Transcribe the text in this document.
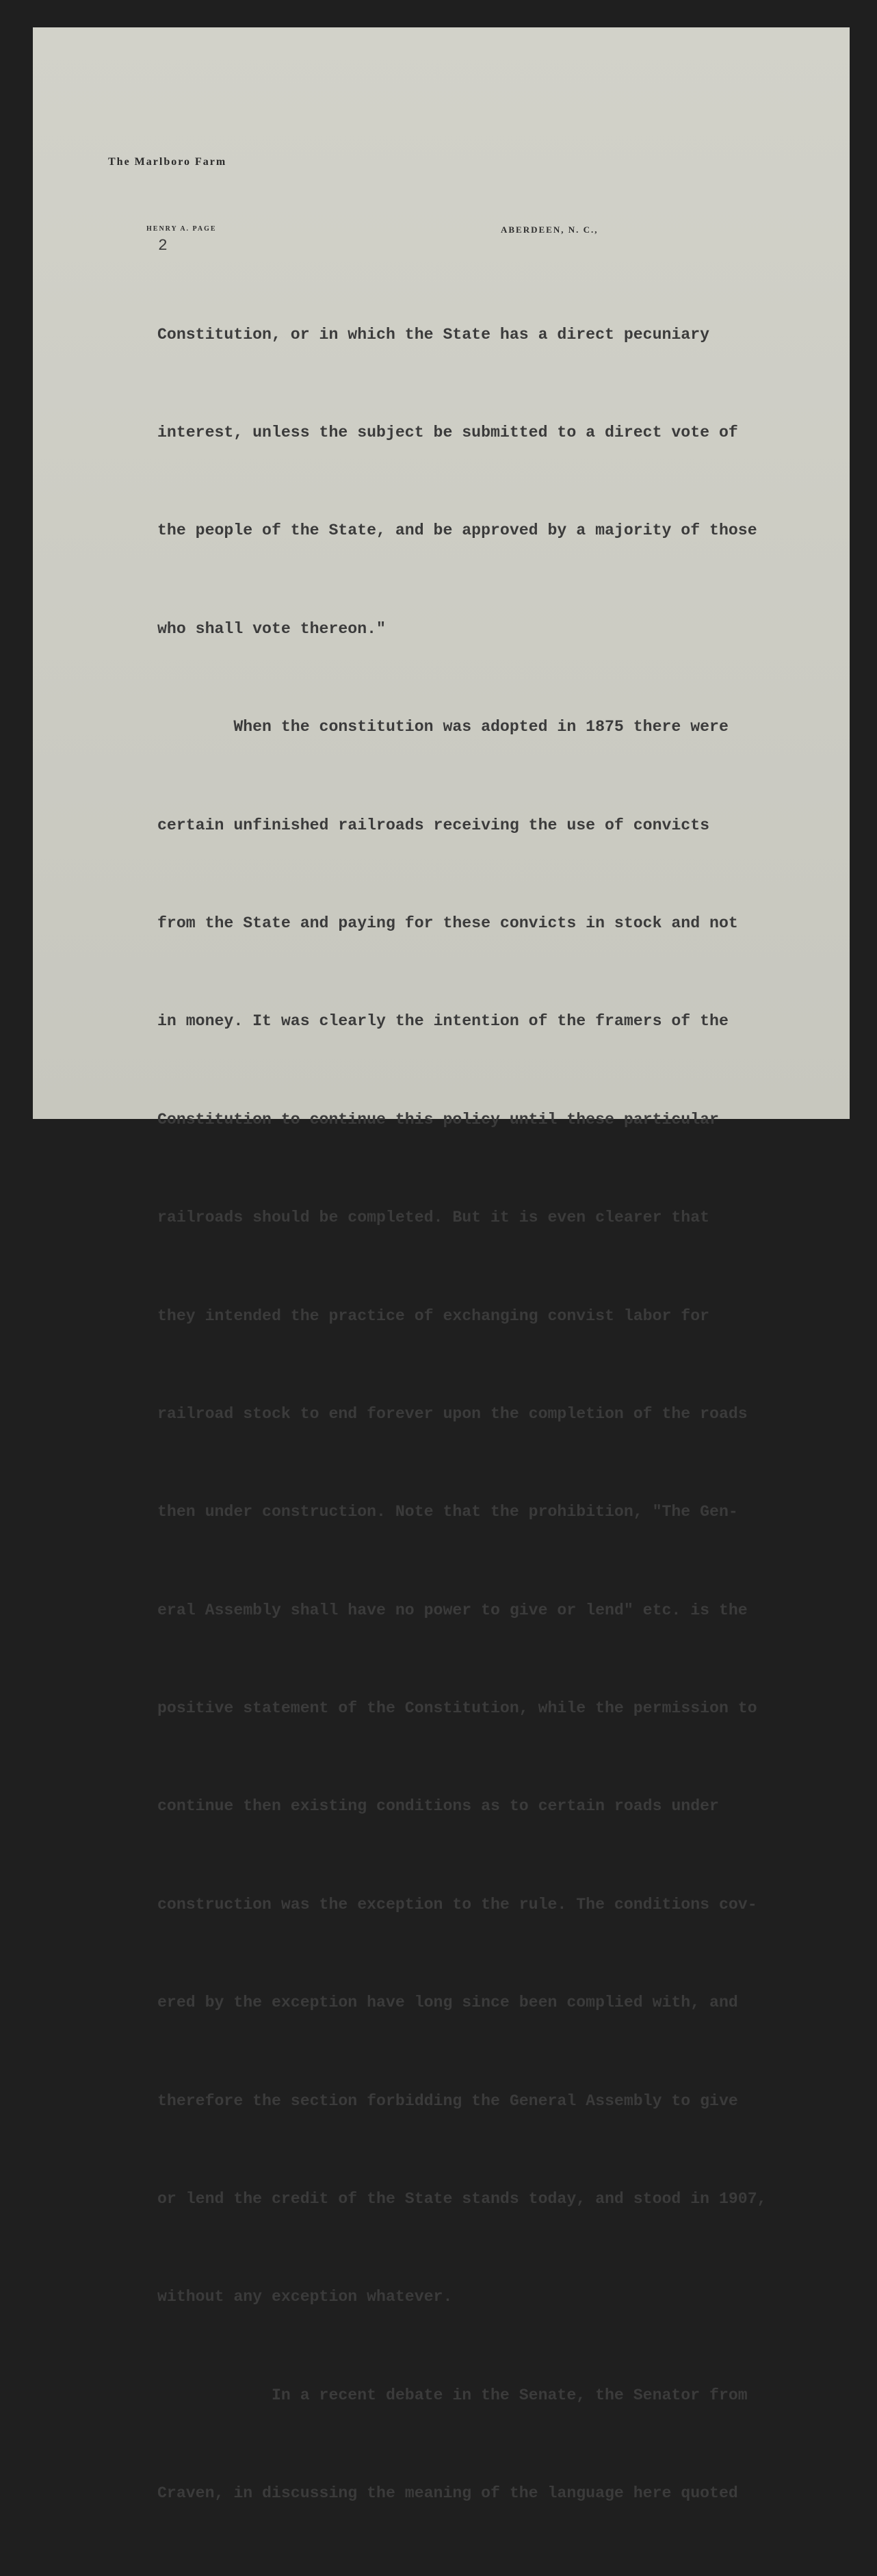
The Marlboro Farm
HENRY A. PAGE	ABERDEEN, N. C.,
2

Constitution, or in which the State has a direct pecuniary

interest, unless the subject be submitted to a direct vote of

the people of the State, and be approved by a majority of those

who shall vote thereon."

When the constitution was adopted in 1875 there were

certain unfinished railroads receiving the use of convicts

from the State and paying for these convicts in stock and not

in money. It was clearly the intention of the framers of the

Constitution to continue this policy until these particular

railroads should be completed. But it is even clearer that

they intended the practice of exchanging convist labor for

railroad stock to end forever upon the completion of the roads

then under construction. Note that the prohibition, "The Gen-

eral Assembly shall have no power to give or lend" etc. is the

positive statement of the Constitution, while the permission to

continue then existing conditions as to certain roads under

construction was the exception to the rule. The conditions cov-

ered by the exception have long since been complied with, and

therefore the section forbidding the General Assembly to give

or lend the credit of the State stands today, and stood in 1907,

without any exception whatever.

In a recent debate in the Senate, the Senator from

Craven, in discussing the meaning of the language here quoted
